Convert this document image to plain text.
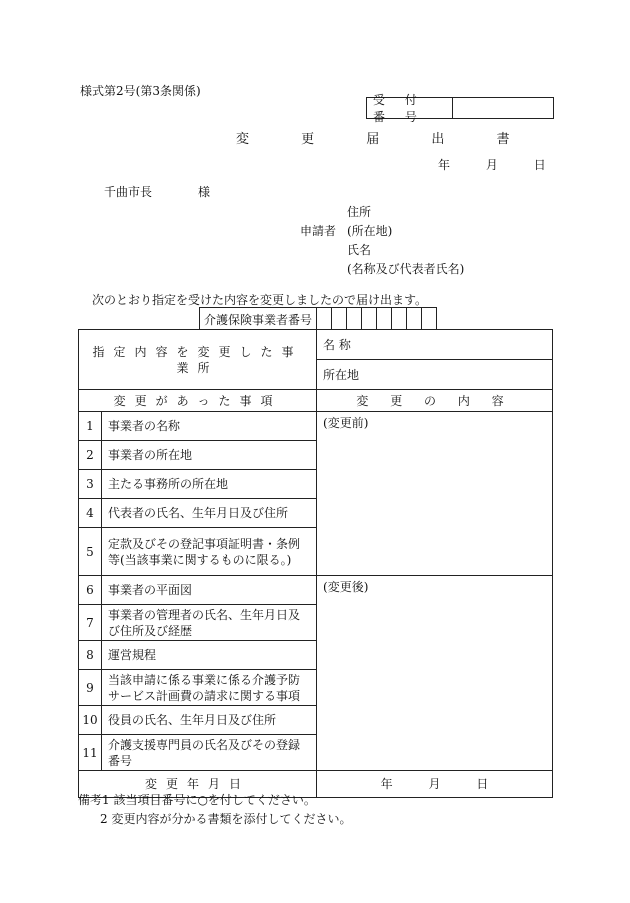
様式第2号(第3条関係)
受 付 番 号
変 更 届 出 書
年	月	日
千曲市長	様
申請者
住所
(所在地)
氏名
(名称及び代表者氏名)
次のとおり指定を受けた内容を変更しましたので届け出ます。
介護保険事業者番号
指定内容を変更した事業所		名 称
		所在地
変更があった事項		変 更 の 内 容
1	事業者の名称	(変更前)
2	事業者の所在地	
3	主たる事務所の所在地	
4	代表者の氏名、生年月日及び住所	
5	定款及びその登記事項証明書・条例等(当該事業に関するものに限る。)	
6	事業者の平面図	(変更後)
7	事業者の管理者の氏名、生年月日及び住所及び経歴	
8	運営規程	
9	当該申請に係る事業に係る介護予防サービス計画費の請求に関する事項	
10	役員の氏名、生年月日及び住所	
11	介護支援専門員の氏名及びその登録番号	
変更年月日		年 月 日
備考1 該当項目番号に○を付してください。
2 変更内容が分かる書類を添付してください。
